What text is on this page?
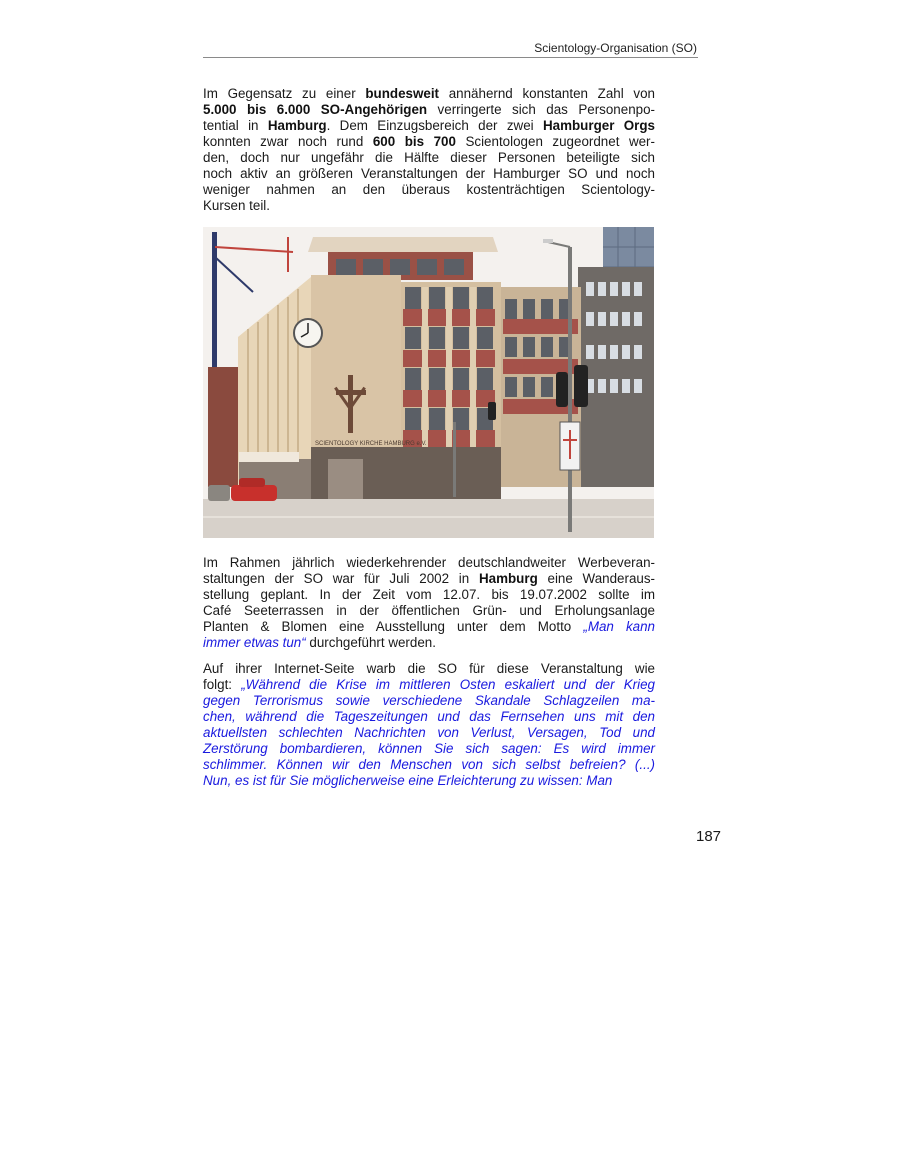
Scientology-Organisation (SO)
Im Gegensatz zu einer bundesweit annähernd konstanten Zahl von
5.000 bis 6.000 SO-Angehörigen verringerte sich das Personenpo-
tential in Hamburg. Dem Einzugsbereich der zwei Hamburger Orgs
konnten zwar noch rund 600 bis 700 Scientologen zugeordnet wer-
den, doch nur ungefähr die Hälfte dieser Personen beteiligte sich
noch aktiv an größeren Veranstaltungen der Hamburger SO und noch
weniger nahmen an den überaus kostenträchtigen Scientology-
Kursen teil.
SCIENTOLOGY KIRCHE HAMBURG e.V.
Im Rahmen jährlich wiederkehrender deutschlandweiter Werbeveran-
staltungen der SO war für Juli 2002 in Hamburg eine Wanderaus-
stellung geplant. In der Zeit vom 12.07. bis 19.07.2002 sollte im
Café Seeterrassen in der öffentlichen Grün- und Erholungsanlage
Planten & Blomen eine Ausstellung unter dem Motto „Man kann
immer etwas tun“ durchgeführt werden.
Auf ihrer Internet-Seite warb die SO für diese Veranstaltung wie
folgt: „Während die Krise im mittleren Osten eskaliert und der Krieg
gegen Terrorismus sowie verschiedene Skandale Schlagzeilen ma-
chen, während die Tageszeitungen und das Fernsehen uns mit den
aktuellsten schlechten Nachrichten von Verlust, Versagen, Tod und
Zerstörung bombardieren, können Sie sich sagen: Es wird immer
schlimmer. Können wir den Menschen von sich selbst befreien? (...)
Nun, es ist für Sie möglicherweise eine Erleichterung zu wissen: Man
187
